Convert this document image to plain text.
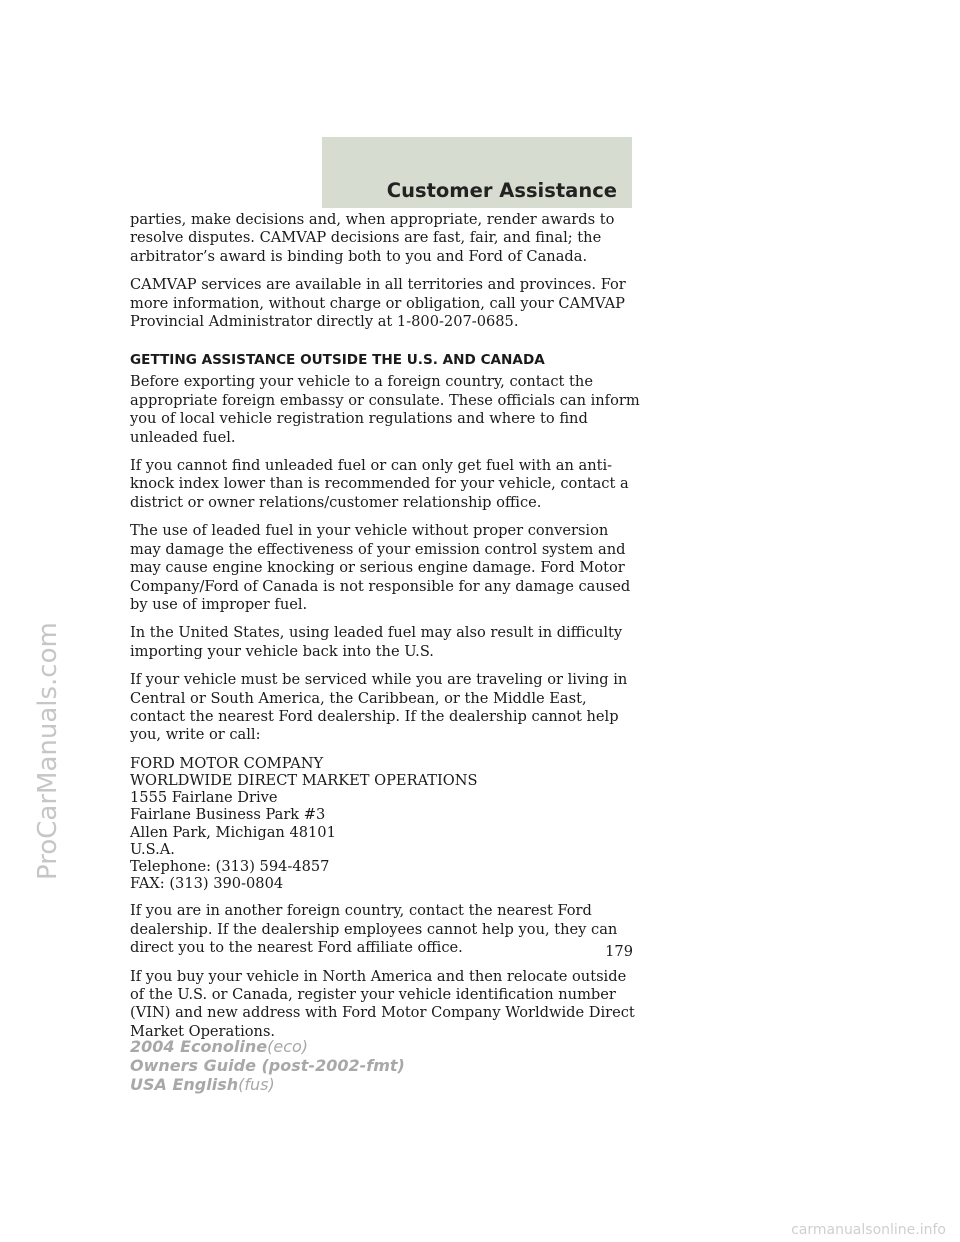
Customer Assistance
ProCarManuals.com

parties, make decisions and, when appropriate, render awards to resolve disputes. CAMVAP decisions are fast, fair, and final; the arbitrator’s award is binding both to you and Ford of Canada.

CAMVAP services are available in all territories and provinces. For more information, without charge or obligation, call your CAMVAP Provincial Administrator directly at 1-800-207-0685.

GETTING ASSISTANCE OUTSIDE THE U.S. AND CANADA

Before exporting your vehicle to a foreign country, contact the appropriate foreign embassy or consulate. These officials can inform you of local vehicle registration regulations and where to find unleaded fuel.

If you cannot find unleaded fuel or can only get fuel with an anti-knock index lower than is recommended for your vehicle, contact a district or owner relations/customer relationship office.

The use of leaded fuel in your vehicle without proper conversion may damage the effectiveness of your emission control system and may cause engine knocking or serious engine damage. Ford Motor Company/Ford of Canada is not responsible for any damage caused by use of improper fuel.

In the United States, using leaded fuel may also result in difficulty importing your vehicle back into the U.S.

If your vehicle must be serviced while you are traveling or living in Central or South America, the Caribbean, or the Middle East, contact the nearest Ford dealership. If the dealership cannot help you, write or call:

FORD MOTOR COMPANY
WORLDWIDE DIRECT MARKET OPERATIONS
1555 Fairlane Drive
Fairlane Business Park #3
Allen Park, Michigan 48101
U.S.A.
Telephone: (313) 594-4857
FAX: (313) 390-0804

If you are in another foreign country, contact the nearest Ford dealership. If the dealership employees cannot help you, they can direct you to the nearest Ford affiliate office.

If you buy your vehicle in North America and then relocate outside of the U.S. or Canada, register your vehicle identification number (VIN) and new address with Ford Motor Company Worldwide Direct Market Operations.

179
2004 Econoline(eco)
Owners Guide (post-2002-fmt)
USA English(fus)
carmanualsonline.info
